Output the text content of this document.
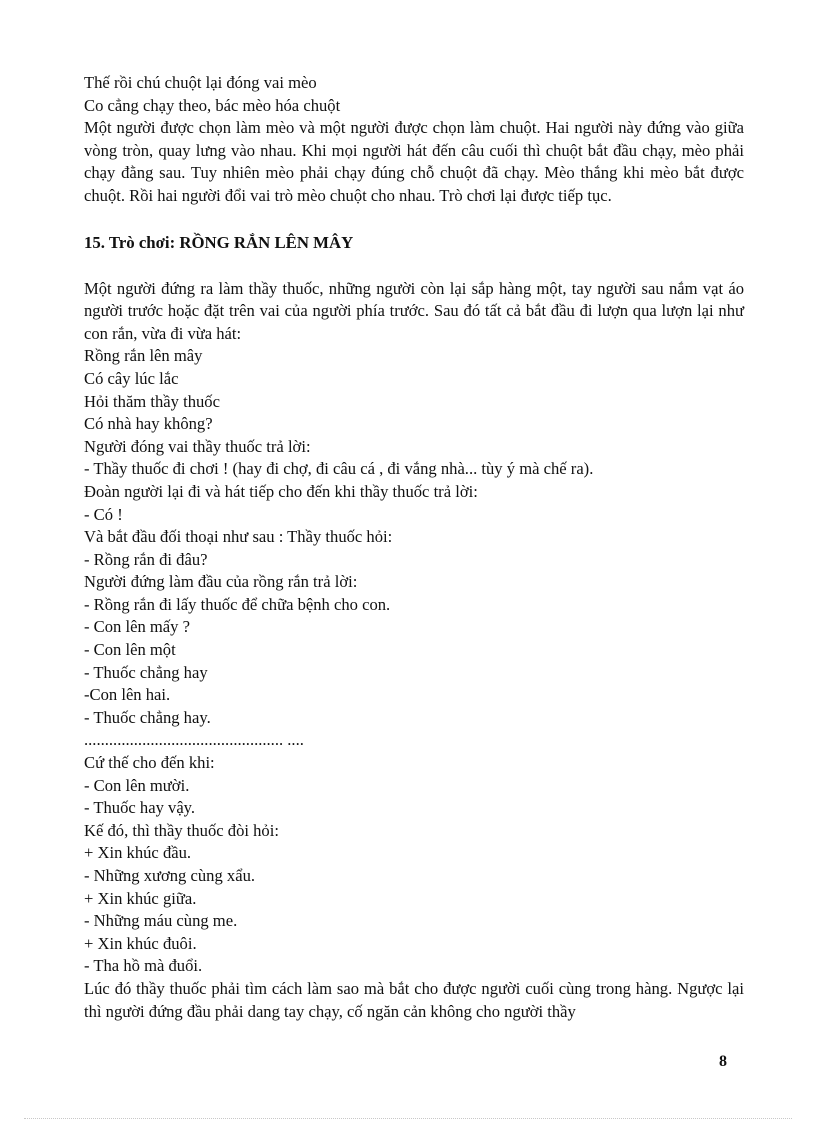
Thế rồi chú chuột lại đóng vai mèo
Co cẳng chạy theo, bác mèo hóa chuột
Một người được chọn làm mèo và một người được chọn làm chuột. Hai người này đứng vào giữa vòng tròn, quay lưng vào nhau. Khi mọi người hát đến câu cuối thì chuột bắt đầu chạy, mèo phải chạy đằng sau. Tuy nhiên mèo phải chạy đúng chỗ chuột đã chạy. Mèo thắng khi mèo bắt được chuột. Rồi hai người đổi vai trò mèo chuột cho nhau. Trò chơi lại được tiếp tục.
15. Trò chơi: RỒNG RẮN LÊN MÂY
Một người đứng ra làm thầy thuốc, những người còn lại sắp hàng một, tay người sau nắm vạt áo người trước hoặc đặt trên vai của người phía trước. Sau đó tất cả bắt đầu đi lượn qua lượn lại như con rắn, vừa đi vừa hát:
Rồng rắn lên mây
Có cây lúc lắc
Hỏi thăm thầy thuốc
Có nhà hay không?
Người đóng vai thầy thuốc trả lời:
- Thầy thuốc đi chơi ! (hay đi chợ, đi câu cá , đi vắng nhà... tùy ý mà chế ra).
Đoàn người lại đi và hát tiếp cho đến khi thầy thuốc trả lời:
- Có !
Và bắt đầu đối thoại như sau : Thầy thuốc hỏi:
- Rồng rắn đi đâu?
Người đứng làm đầu của rồng rắn trả lời:
- Rồng rắn đi lấy thuốc để chữa bệnh cho con.
- Con lên mấy ?
- Con lên một
- Thuốc chẳng hay
-Con lên hai.
- Thuốc chẳng hay.
................................................ ....
Cứ thế cho đến khi:
- Con lên mười.
- Thuốc hay vậy.
Kế đó, thì thầy thuốc đòi hỏi:
+ Xin khúc đầu.
- Những xương cùng xẩu.
+ Xin khúc giữa.
- Những máu cùng me.
+ Xin khúc đuôi.
- Tha hồ mà đuổi.
Lúc đó thầy thuốc phải tìm cách làm sao mà bắt cho được người cuối cùng trong hàng. Ngược lại thì người đứng đầu phải dang tay chạy, cố ngăn cản không cho người thầy
8
